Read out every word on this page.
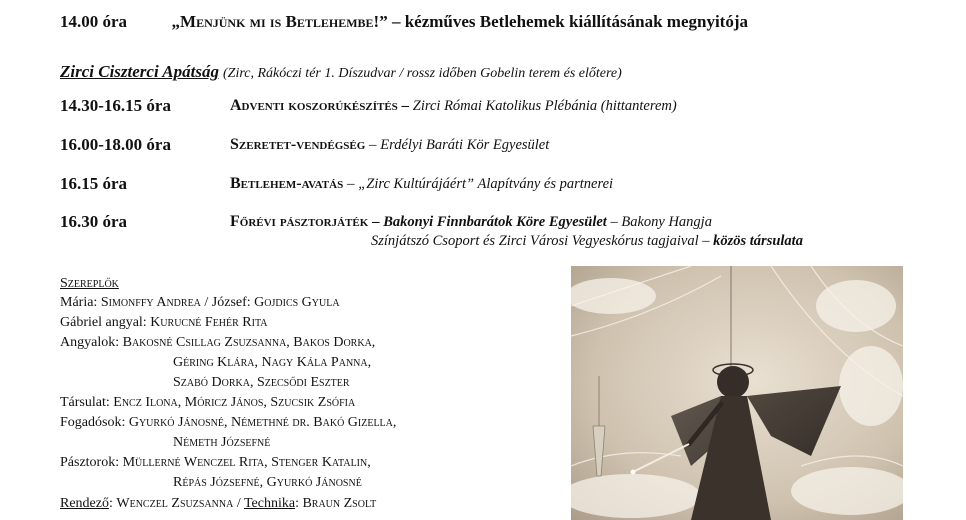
14.00 óra	„Menjünk mi is Betlehembe!” – kézműves Betlehemek kiállításának megnyitója
Zirci Ciszterci Apátság (Zirc, Rákóczi tér 1. Díszudvar / rossz időben Gobelin terem és előtere)
14.30-16.15 óra	Adventi koszorúkészítés – Zirci Római Katolikus Plébánia (hittanterem)
16.00-18.00 óra	Szeretet-vendégség – Erdélyi Baráti Kör Egyesület
16.15 óra	Betlehem-avatás – „Zirc Kultúrájáért” Alapítvány és partnerei
16.30 óra	Főrévi pásztorjáték – Bakonyi Finnbarátok Köre Egyesület – Bakony Hangja
Színjátszó Csoport és Zirci Városi Vegyeskórus tagjaival – közös társulata
Szereplők
Mária: Simonffy Andrea / József: Gojdics Gyula
Gábriel angyal: Kurucné Fehér Rita
Angyalok: Bakosné Csillag Zsuzsanna, Bakos Dorka,
Géring Klára, Nagy Kála Panna,
Szabó Dorka, Szecsődi Eszter
Társulat: Encz Ilona, Móricz János, Szucsik Zsófia
Fogadósok: Gyurkó Jánosné, Némethné dr. Bakó Gizella,
Németh Józsefné
Pásztorok: Müllerné Wenczel Rita, Stenger Katalin,
Répás Józsefné, Gyurkó Jánosné
Rendező: Wenczel Zsuzsanna / Technika: Braun Zsolt
